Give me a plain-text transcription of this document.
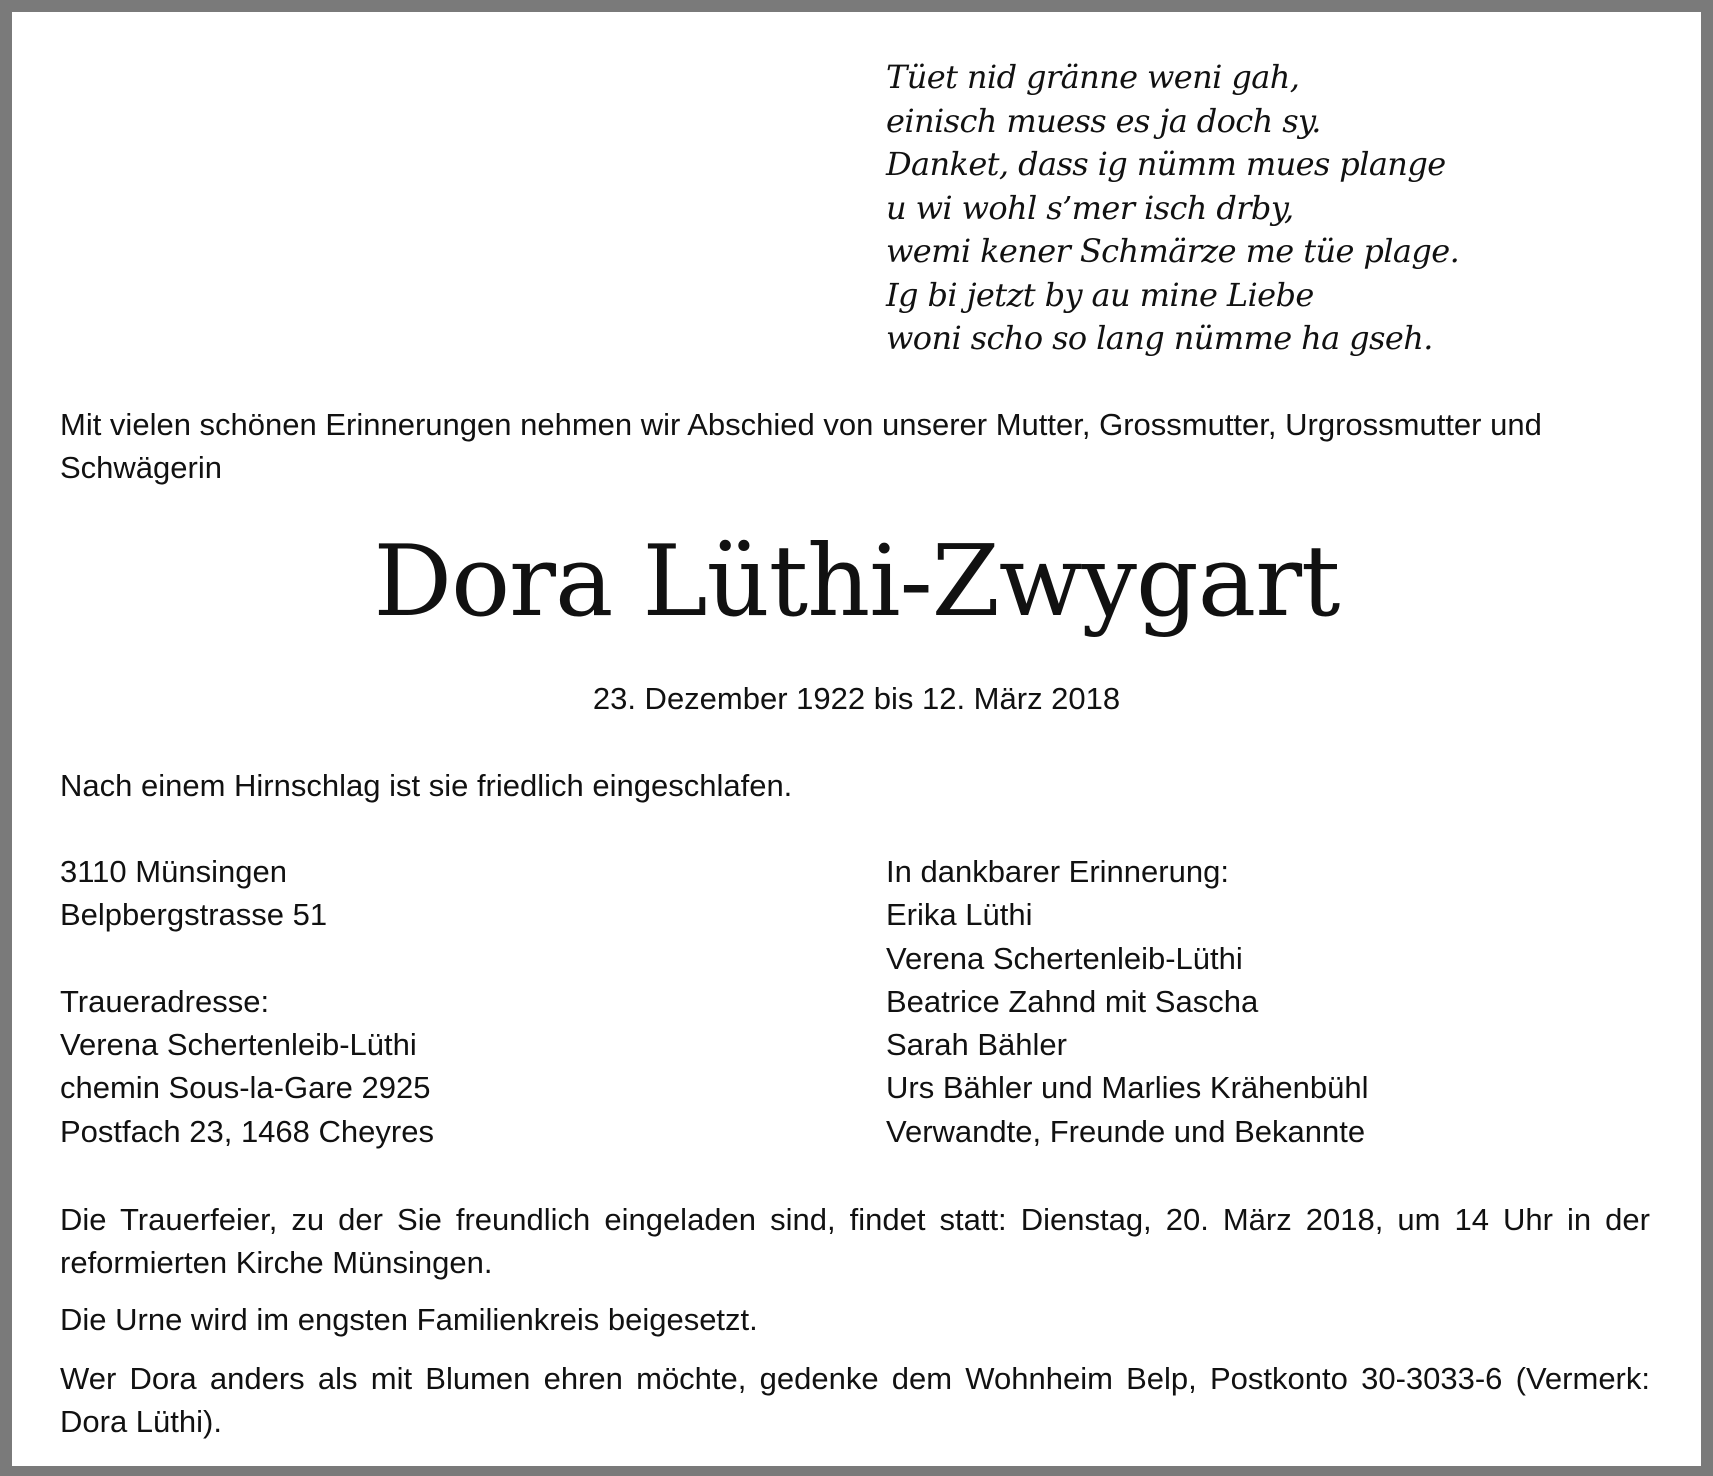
Tüet nid gränne weni gah,
einisch muess es ja doch sy.
Danket, dass ig nümm mues plange
u wi wohl s’mer isch drby,
wemi kener Schmärze me tüe plage.
Ig bi jetzt by au mine Liebe
woni scho so lang nümme ha gseh.
Mit vielen schönen Erinnerungen nehmen wir Abschied von unserer Mutter, Grossmutter, Urgrossmutter und Schwägerin
Dora Lüthi-Zwygart
23. Dezember 1922 bis 12. März 2018
Nach einem Hirnschlag ist sie friedlich eingeschlafen.
3110 Münsingen
Belpbergstrasse 51
Traueradresse:
Verena Schertenleib-Lüthi
chemin Sous-la-Gare 2925
Postfach 23, 1468 Cheyres
In dankbarer Erinnerung:
Erika Lüthi
Verena Schertenleib-Lüthi
Beatrice Zahnd mit Sascha
Sarah Bähler
Urs Bähler und Marlies Krähenbühl
Verwandte, Freunde und Bekannte
Die Trauerfeier, zu der Sie freundlich eingeladen sind, findet statt: Dienstag, 20. März 2018, um 14 Uhr in der reformierten Kirche Münsingen.
Die Urne wird im engsten Familienkreis beigesetzt.
Wer Dora anders als mit Blumen ehren möchte, gedenke dem Wohnheim Belp, Postkonto 30-3033-6 (Vermerk: Dora Lüthi).
